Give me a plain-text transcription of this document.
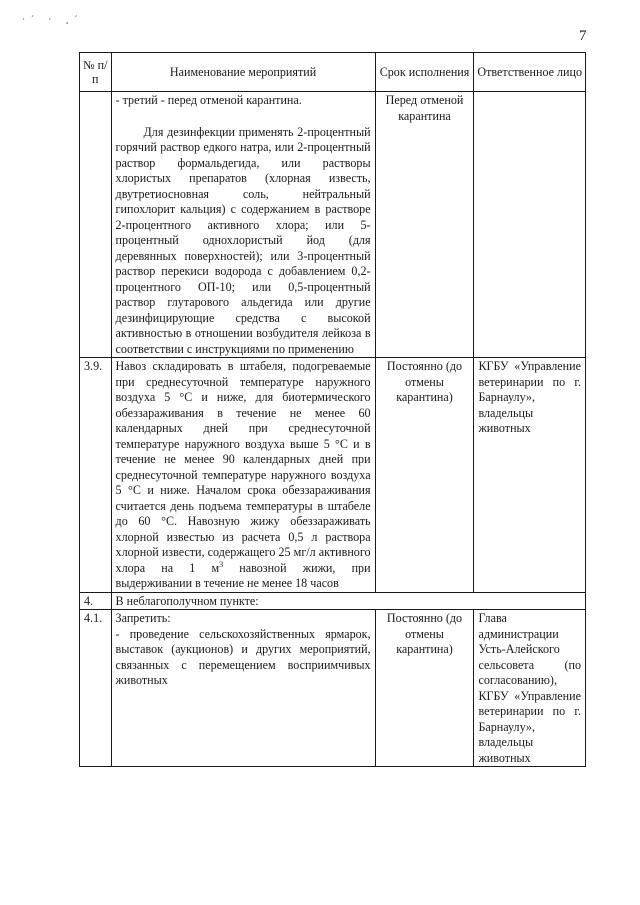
·´ · ¸´
7
№ п/п	Наименование мероприятий	Срок исполнения	Ответственное лицо

	- третий - перед отменой карантина.

Для дезинфекции применять 2-процентный горячий раствор едкого натра, или 2-процентный раствор формальдегида, или растворы хлористых препаратов (хлорная известь, двутретиосновная соль, нейтральный гипохлорит кальция) с содержанием в растворе 2-процентного активного хлора; или 5-процентный однохлористый йод (для деревянных поверхностей); или 3-процентный раствор перекиси водорода с добавлением 0,2-процентного ОП-10; или 0,5-процентный раствор глутарового альдегида или другие дезинфицирующие средства с высокой активностью в отношении возбудителя лейкоза в соответствии с инструкциями по применению	Перед отменой карантина	
3.9.	Навоз складировать в штабеля, подогреваемые при среднесуточной температуре наружного воздуха 5 °С и ниже, для биотермического обеззараживания в течение не менее 60 календарных дней при среднесуточной температуре наружного воздуха выше 5 °С и в течение не менее 90 календарных дней при среднесуточной температуре наружного воздуха 5 °С и ниже. Началом срока обеззараживания считается день подъема температуры в штабеле до 60 °С. Навозную жижу обеззараживать хлорной известью из расчета 0,5 л раствора хлорной извести, содержащего 25 мг/л активного хлора на 1 $м^3$ навозной жижи, при выдерживании в течение не менее 18 часов	Постоянно (до отмены карантина)	КГБУ «Управление ветеринарии по г. Барнаулу», владельцы животных
4.	В неблагополучном пункте:		
4.1.	Запретить:

- проведение сельскохозяйственных ярмарок, выставок (аукционов) и других мероприятий, связанных с перемещением восприимчивых животных	Постоянно (до отмены карантина)	Глава администрации Усть-Алейского сельсовета (по согласованию), КГБУ «Управление ветеринарии по г. Барнаулу», владельцы животных
